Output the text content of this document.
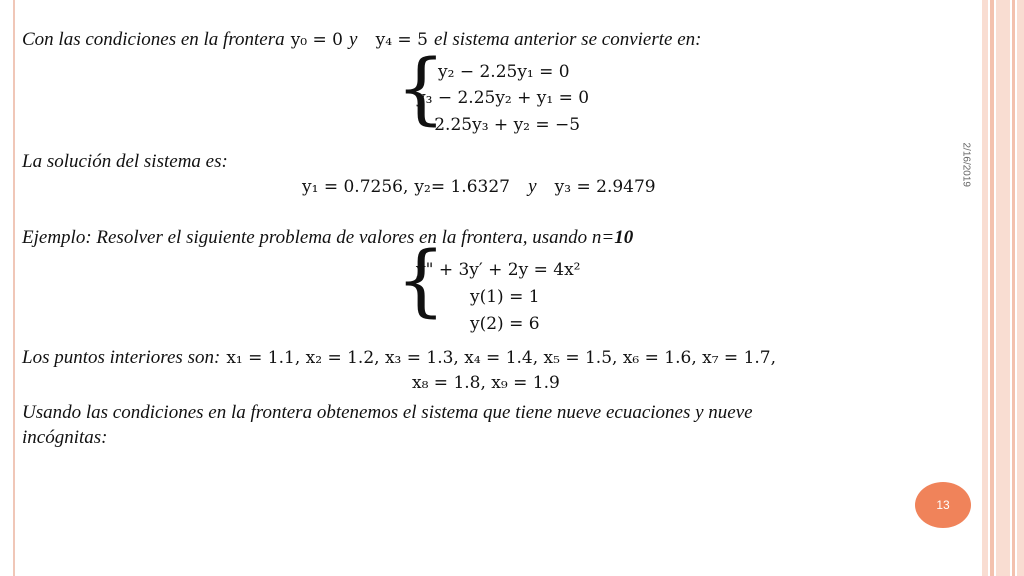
Con las condiciones en la frontera y₀ = 0 y y₄ = 5 el sistema anterior se convierte en:
{
y₂ − 2.25y₁ = 0
y₃ − 2.25y₂ + y₁ = 0
−2.25y₃ + y₂ = −5
La solución del sistema es:
y₁ = 0.7256, y₂= 1.6327 y y₃ = 2.9479
Ejemplo: Resolver el siguiente problema de valores en la frontera, usando n=10
{
y" + 3y′ + 2y = 4x²
y(1) = 1
y(2) = 6
Los puntos interiores son: x₁ = 1.1, x₂ = 1.2, x₃ = 1.3, x₄ = 1.4, x₅ = 1.5, x₆ = 1.6, x₇ = 1.7,
x₈ = 1.8, x₉ = 1.9
Usando las condiciones en la frontera obtenemos el sistema que tiene nueve ecuaciones y nueve
incógnitas:
2/16/2019
13
